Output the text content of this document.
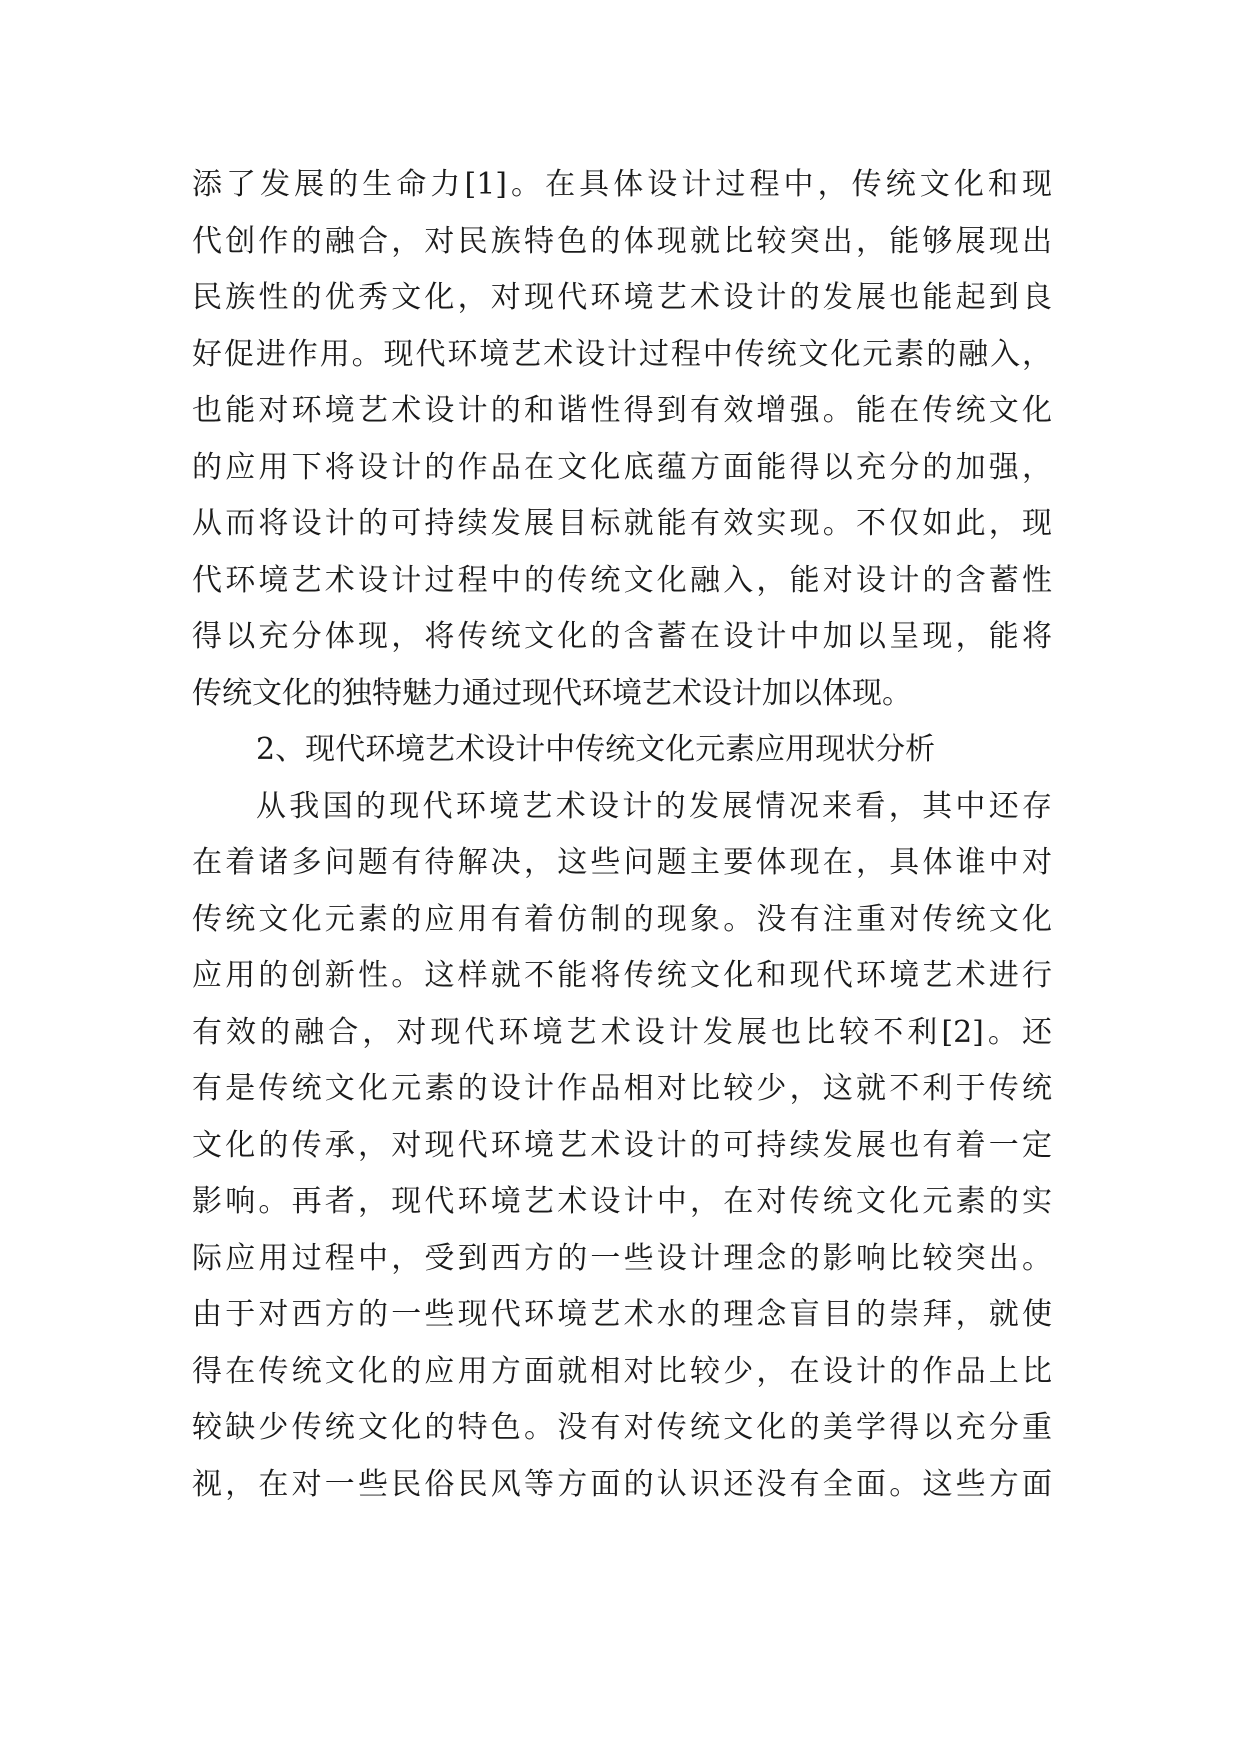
添了发展的生命力[1]。在具体设计过程中，传统文化和现
代创作的融合，对民族特色的体现就比较突出，能够展现出
民族性的优秀文化，对现代环境艺术设计的发展也能起到良
好促进作用。现代环境艺术设计过程中传统文化元素的融入，
也能对环境艺术设计的和谐性得到有效增强。能在传统文化
的应用下将设计的作品在文化底蕴方面能得以充分的加强，
从而将设计的可持续发展目标就能有效实现。不仅如此，现
代环境艺术设计过程中的传统文化融入，能对设计的含蓄性
得以充分体现，将传统文化的含蓄在设计中加以呈现，能将
传统文化的独特魅力通过现代环境艺术设计加以体现。
2、现代环境艺术设计中传统文化元素应用现状分析
从我国的现代环境艺术设计的发展情况来看，其中还存
在着诸多问题有待解决，这些问题主要体现在，具体谁中对
传统文化元素的应用有着仿制的现象。没有注重对传统文化
应用的创新性。这样就不能将传统文化和现代环境艺术进行
有效的融合，对现代环境艺术设计发展也比较不利[2]。还
有是传统文化元素的设计作品相对比较少，这就不利于传统
文化的传承，对现代环境艺术设计的可持续发展也有着一定
影响。再者，现代环境艺术设计中，在对传统文化元素的实
际应用过程中，受到西方的一些设计理念的影响比较突出。
由于对西方的一些现代环境艺术水的理念盲目的崇拜，就使
得在传统文化的应用方面就相对比较少，在设计的作品上比
较缺少传统文化的特色。没有对传统文化的美学得以充分重
视，在对一些民俗民风等方面的认识还没有全面。这些方面
